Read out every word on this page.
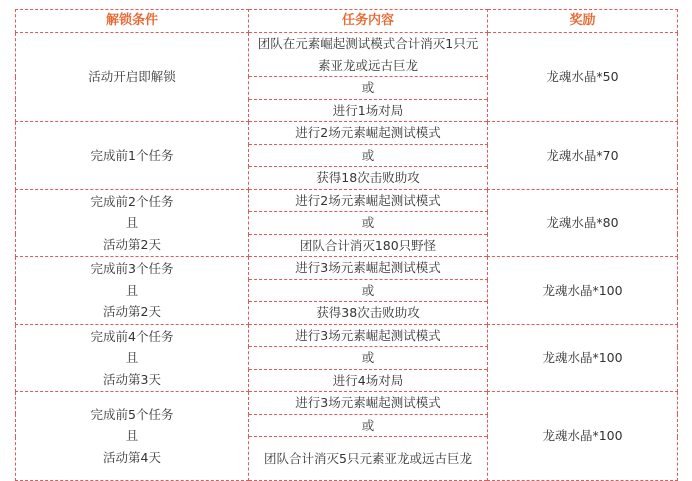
解锁条件	任务内容	奖励

活动开启即解锁	团队在元素崛起测试模式合计消灭1只元素亚龙或远古巨龙	龙魂水晶*50
	或	
	进行1场对局	

完成前1个任务	进行2场元素崛起测试模式	龙魂水晶*70
	或	
	获得18次击败助攻	

完成前2个任务
且
活动第2天	进行2场元素崛起测试模式	龙魂水晶*80
	或	
	团队合计消灭180只野怪	

完成前3个任务
且
活动第2天	进行3场元素崛起测试模式	龙魂水晶*100
	或	
	获得38次击败助攻	

完成前4个任务
且
活动第3天	进行3场元素崛起测试模式	龙魂水晶*100
	或	
	进行4场对局	

完成前5个任务
且
活动第4天	进行3场元素崛起测试模式	龙魂水晶*100
	或	
	团队合计消灭5只元素亚龙或远古巨龙	
